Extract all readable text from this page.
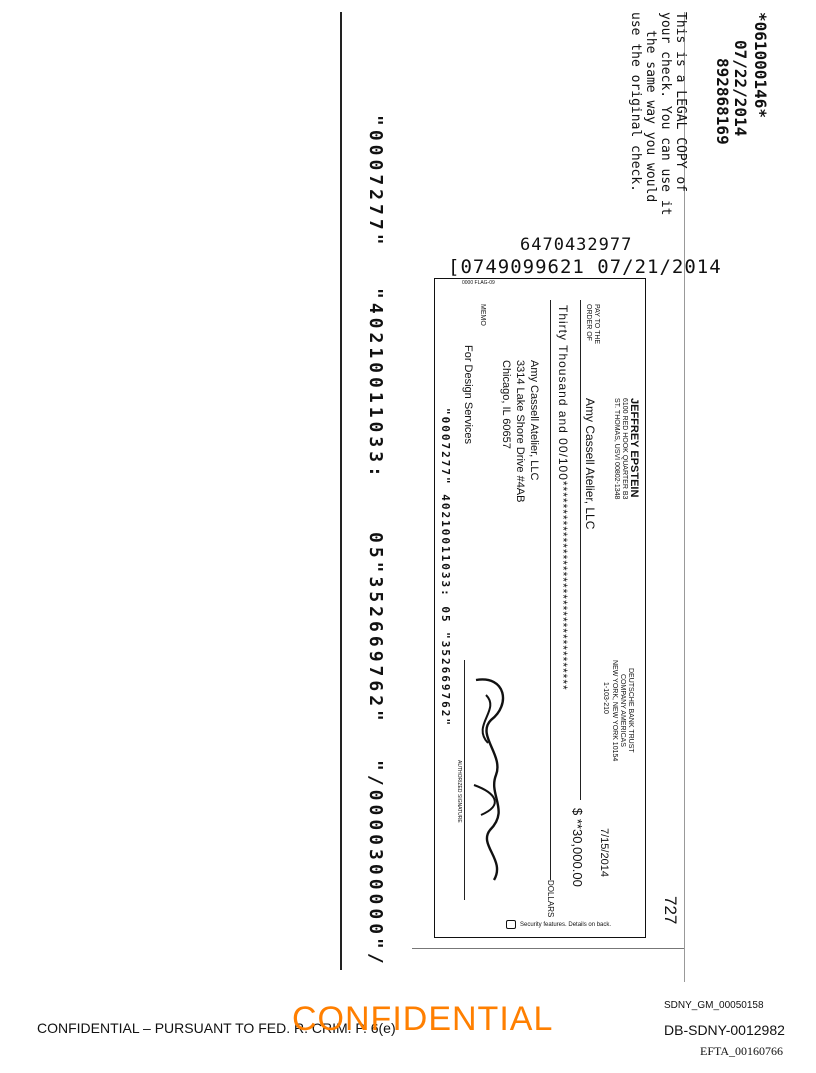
*061000146*
07/22/2014
892868169
This is a LEGAL COPY of
your check. You can use it
the same way you would
use the original check.
6470432977
[0749099621 07/21/2014
"0007277"
"40210011033:
05"352669762"
"/0000300000"/
0000 FLAG-09
727
JEFFREY EPSTEIN
6100 RED HOOK QUARTER B3
ST. THOMAS, USVI 00802-1348
DEUTSCHE BANK TRUST
COMPANY AMERICAS
NEW YORK, NEW YORK 10154
1-103-210
7/15/2014
PAY TO THE
ORDER OF
Amy Cassell Atelier, LLC
$ **30,000.00
Thirty Thousand and 00/100*************************************
DOLLARS
Amy Cassell Atelier, LLC
3314 Lake Shore Drive #4AB
Chicago, IL 60657
MEMO
For Design Services
"0007277" 40210011033: 05 "352669762"
AUTHORIZED SIGNATURE
Security features. Details on back.
CONFIDENTIAL – PURSUANT TO FED. R. CRIM. P. 6(e)
CONFIDENTIAL	SDNY_GM_00050158
DB-SDNY-0012982
EFTA_00160766
